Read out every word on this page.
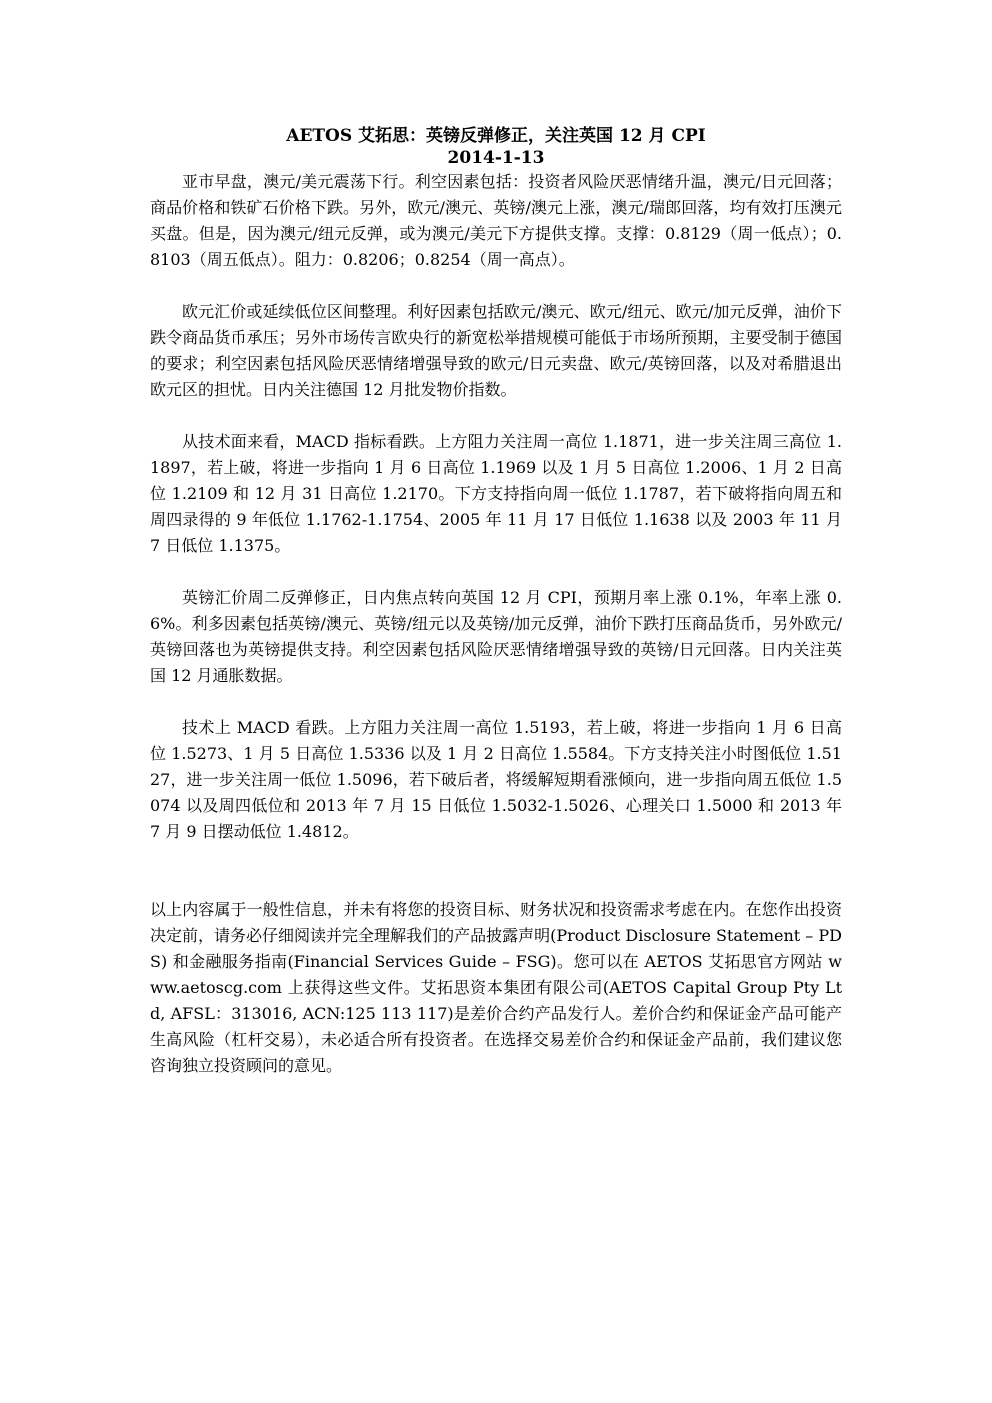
AETOS 艾拓思：英镑反弹修正，关注英国 12 月 CPI
2014-1-13

亚市早盘，澳元/美元震荡下行。利空因素包括：投资者风险厌恶情绪升温，澳元/日元回落；商品价格和铁矿石价格下跌。另外，欧元/澳元、英镑/澳元上涨，澳元/瑞郎回落，均有效打压澳元买盘。但是，因为澳元/纽元反弹，或为澳元/美元下方提供支撑。支撑：0.8129（周一低点）；0.8103（周五低点）。阻力：0.8206；0.8254（周一高点）。

欧元汇价或延续低位区间整理。利好因素包括欧元/澳元、欧元/纽元、欧元/加元反弹，油价下跌令商品货币承压；另外市场传言欧央行的新宽松举措规模可能低于市场所预期，主要受制于德国的要求；利空因素包括风险厌恶情绪增强导致的欧元/日元卖盘、欧元/英镑回落，以及对希腊退出欧元区的担忧。日内关注德国 12 月批发物价指数。

从技术面来看，MACD 指标看跌。上方阻力关注周一高位 1.1871，进一步关注周三高位 1.1897，若上破，将进一步指向 1 月 6 日高位 1.1969 以及 1 月 5 日高位 1.2006、1 月 2 日高位 1.2109 和 12 月 31 日高位 1.2170。下方支持指向周一低位 1.1787，若下破将指向周五和周四录得的 9 年低位 1.1762-1.1754、2005 年 11 月 17 日低位 1.1638 以及 2003 年 11 月 7 日低位 1.1375。

英镑汇价周二反弹修正，日内焦点转向英国 12 月 CPI，预期月率上涨 0.1%，年率上涨 0.6%。利多因素包括英镑/澳元、英镑/纽元以及英镑/加元反弹，油价下跌打压商品货币，另外欧元/英镑回落也为英镑提供支持。利空因素包括风险厌恶情绪增强导致的英镑/日元回落。日内关注英国 12 月通胀数据。

技术上 MACD 看跌。上方阻力关注周一高位 1.5193，若上破，将进一步指向 1 月 6 日高位 1.5273、1 月 5 日高位 1.5336 以及 1 月 2 日高位 1.5584。下方支持关注小时图低位 1.5127，进一步关注周一低位 1.5096，若下破后者，将缓解短期看涨倾向，进一步指向周五低位 1.5074 以及周四低位和 2013 年 7 月 15 日低位 1.5032-1.5026、心理关口 1.5000 和 2013 年 7 月 9 日摆动低位 1.4812。

以上内容属于一般性信息，并未有将您的投资目标、财务状况和投资需求考虑在内。在您作出投资决定前，请务必仔细阅读并完全理解我们的产品披露声明(Product Disclosure Statement – PDS) 和金融服务指南(Financial Services Guide – FSG)。您可以在 AETOS 艾拓思官方网站 www.aetoscg.com 上获得这些文件。艾拓思资本集团有限公司(AETOS Capital Group Pty Ltd, AFSL：313016, ACN:125 113 117)是差价合约产品发行人。差价合约和保证金产品可能产生高风险（杠杆交易），未必适合所有投资者。在选择交易差价合约和保证金产品前，我们建议您咨询独立投资顾问的意见。
